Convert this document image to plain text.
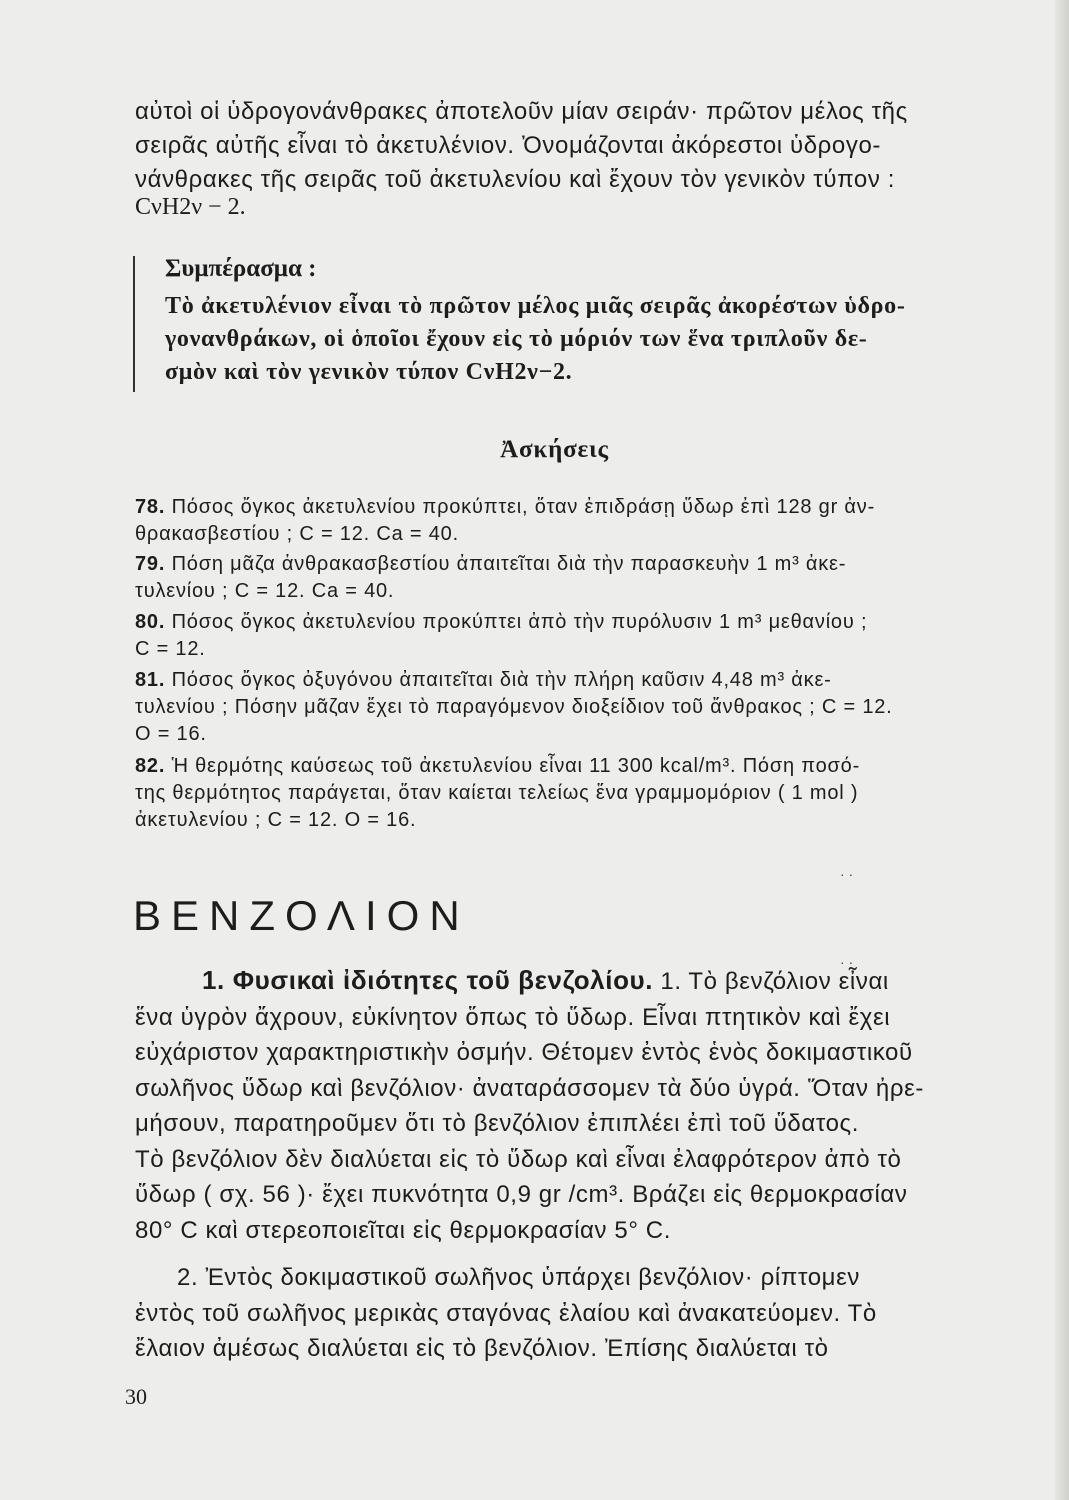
αὐτοὶ οἱ ὑδρογονάνθρακες ἀποτελοῦν μίαν σειράν· πρῶτον μέλος τῆς
σειρᾶς αὐτῆς εἶναι τὸ ἀκετυλένιον. Ὀνομάζονται ἀκόρεστοι ὑδρογο-
νάνθρακες τῆς σειρᾶς τοῦ ἀκετυλενίου καὶ ἔχουν τὸν γενικὸν τύπον :
CνH2ν − 2.
Συμπέρασμα :
Τὸ ἀκετυλένιον εἶναι τὸ πρῶτον μέλος μιᾶς σειρᾶς ἀκορέστων ὑδρο-
γονανθράκων, οἱ ὁποῖοι ἔχουν εἰς τὸ μόριόν των ἕνα τριπλοῦν δε-
σμὸν καὶ τὸν γενικὸν τύπον CνH2ν−2.
Ἀσκήσεις
78. Πόσος ὄγκος ἀκετυλενίου προκύπτει, ὅταν ἐπιδράσῃ ὕδωρ ἐπὶ 128 gr ἀν-
θρακασβεστίου ; C = 12. Ca = 40.
79. Πόση μᾶζα ἀνθρακασβεστίου ἀπαιτεῖται διὰ τὴν παρασκευὴν 1 m³ ἀκε-
τυλενίου ; C = 12. Ca = 40.
80. Πόσος ὄγκος ἀκετυλενίου προκύπτει ἀπὸ τὴν πυρόλυσιν 1 m³ μεθανίου ;
C = 12.
81. Πόσος ὄγκος ὀξυγόνου ἀπαιτεῖται διὰ τὴν πλήρη καῦσιν 4,48 m³ ἀκε-
τυλενίου ; Πόσην μᾶζαν ἔχει τὸ παραγόμενον διοξείδιον τοῦ ἄνθρακος ; C = 12.
O = 16.
82. Ἡ θερμότης καύσεως τοῦ ἀκετυλενίου εἶναι 11 300 kcal/m³. Πόση ποσό-
της θερμότητος παράγεται, ὅταν καίεται τελείως ἕνα γραμμομόριον ( 1 mol )
ἀκετυλενίου ; C = 12. O = 16.
· ·
ΒΕΝΖΟΛΙΟΝ
· ·
1. Φυσικαὶ ἰδιότητες τοῦ βενζολίου. 1. Τὸ βενζόλιον εἶναι
ἕνα ὑγρὸν ἄχρουν, εὐκίνητον ὅπως τὸ ὕδωρ. Εἶναι πτητικὸν καὶ ἔχει
εὐχάριστον χαρακτηριστικὴν ὀσμήν. Θέτομεν ἐντὸς ἑνὸς δοκιμαστικοῦ
σωλῆνος ὕδωρ καὶ βενζόλιον· ἀναταράσσομεν τὰ δύο ὑγρά. Ὅταν ἠρε-
μήσουν, παρατηροῦμεν ὅτι τὸ βενζόλιον ἐπιπλέει ἐπὶ τοῦ ὕδατος.
Τὸ βενζόλιον δὲν διαλύεται εἰς τὸ ὕδωρ καὶ εἶναι ἐλαφρότερον ἀπὸ τὸ
ὕδωρ ( σχ. 56 )· ἔχει πυκνότητα 0,9 gr /cm³. Βράζει εἰς θερμοκρασίαν
80° C καὶ στερεοποιεῖται εἰς θερμοκρασίαν 5° C.
2. Ἐντὸς δοκιμαστικοῦ σωλῆνος ὑπάρχει βενζόλιον· ρίπτομεν
ἐντὸς τοῦ σωλῆνος μερικὰς σταγόνας ἐλαίου καὶ ἀνακατεύομεν. Τὸ
ἔλαιον ἀμέσως διαλύεται εἰς τὸ βενζόλιον. Ἐπίσης διαλύεται τὸ
30
